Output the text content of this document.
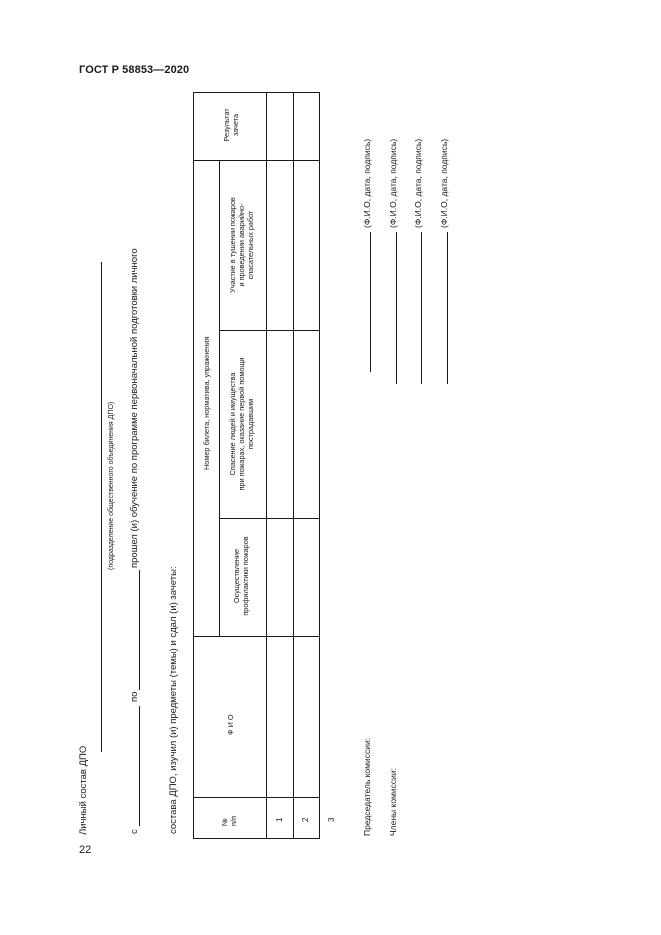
ГОСТ Р 58853—2020
22
Личный состав ДПО
(подразделение общественного объединения ДПО)
с
по
прошел (и) обучение по программе первоначальной подготовки личного
состава ДПО, изучил (и) предметы (темы) и сдал (и) зачеты:	№
п/п
Ф И О
Номер билета, норматива, упражнения
Осуществление
профилактики пожаров
Спасение людей и имущества
при пожарах, оказание первой помощи
пострадавшим
Участие в тушении пожаров
и проведении аварийно-
спасательных работ
Результат
зачета
1 2 3	Председатель комиссии:
(Ф.И.О, дата, подпись)
Члены комиссии:
(Ф.И.О, дата, подпись) (Ф.И.О, дата, подпись) (Ф.И.О, дата, подпись)
